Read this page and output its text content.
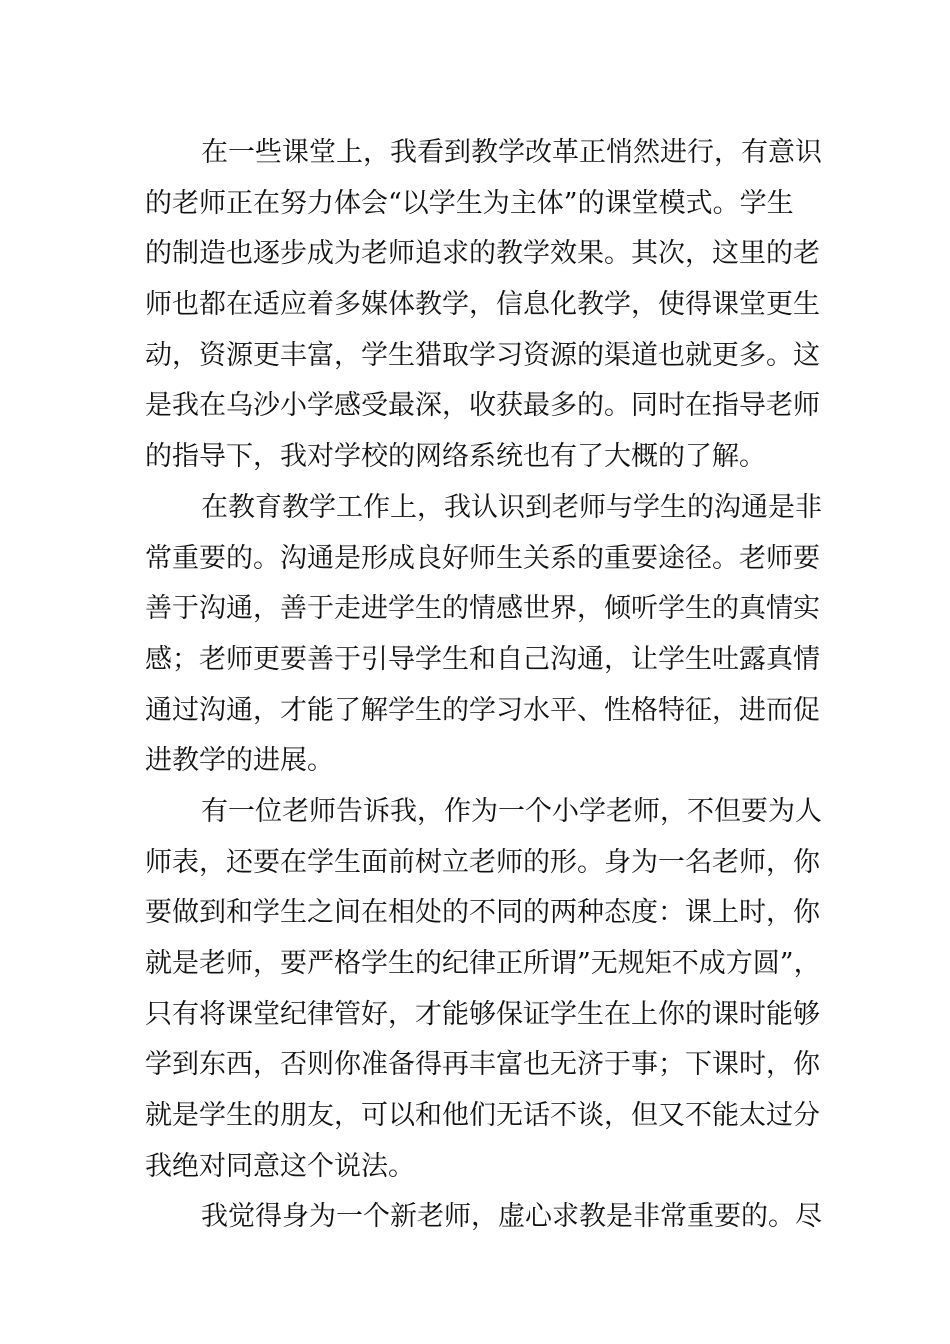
在一些课堂上，我看到教学改革正悄然进行，有意识
的老师正在努力体会“以学生为主体”的课堂模式。学生
的制造也逐步成为老师追求的教学效果。其次，这里的老
师也都在适应着多媒体教学，信息化教学，使得课堂更生
动，资源更丰富，学生猎取学习资源的渠道也就更多。这
是我在乌沙小学感受最深，收获最多的。同时在指导老师
的指导下，我对学校的网络系统也有了大概的了解。
在教育教学工作上，我认识到老师与学生的沟通是非
常重要的。沟通是形成良好师生关系的重要途径。老师要
善于沟通，善于走进学生的情感世界，倾听学生的真情实
感；老师更要善于引导学生和自己沟通，让学生吐露真情
通过沟通，才能了解学生的学习水平、性格特征，进而促
进教学的进展。
有一位老师告诉我，作为一个小学老师，不但要为人
师表，还要在学生面前树立老师的形。身为一名老师，你
要做到和学生之间在相处的不同的两种态度：课上时，你
就是老师，要严格学生的纪律正所谓”无规矩不成方圆”，
只有将课堂纪律管好，才能够保证学生在上你的课时能够
学到东西，否则你准备得再丰富也无济于事；下课时，你
就是学生的朋友，可以和他们无话不谈，但又不能太过分
我绝对同意这个说法。
我觉得身为一个新老师，虚心求教是非常重要的。尽
